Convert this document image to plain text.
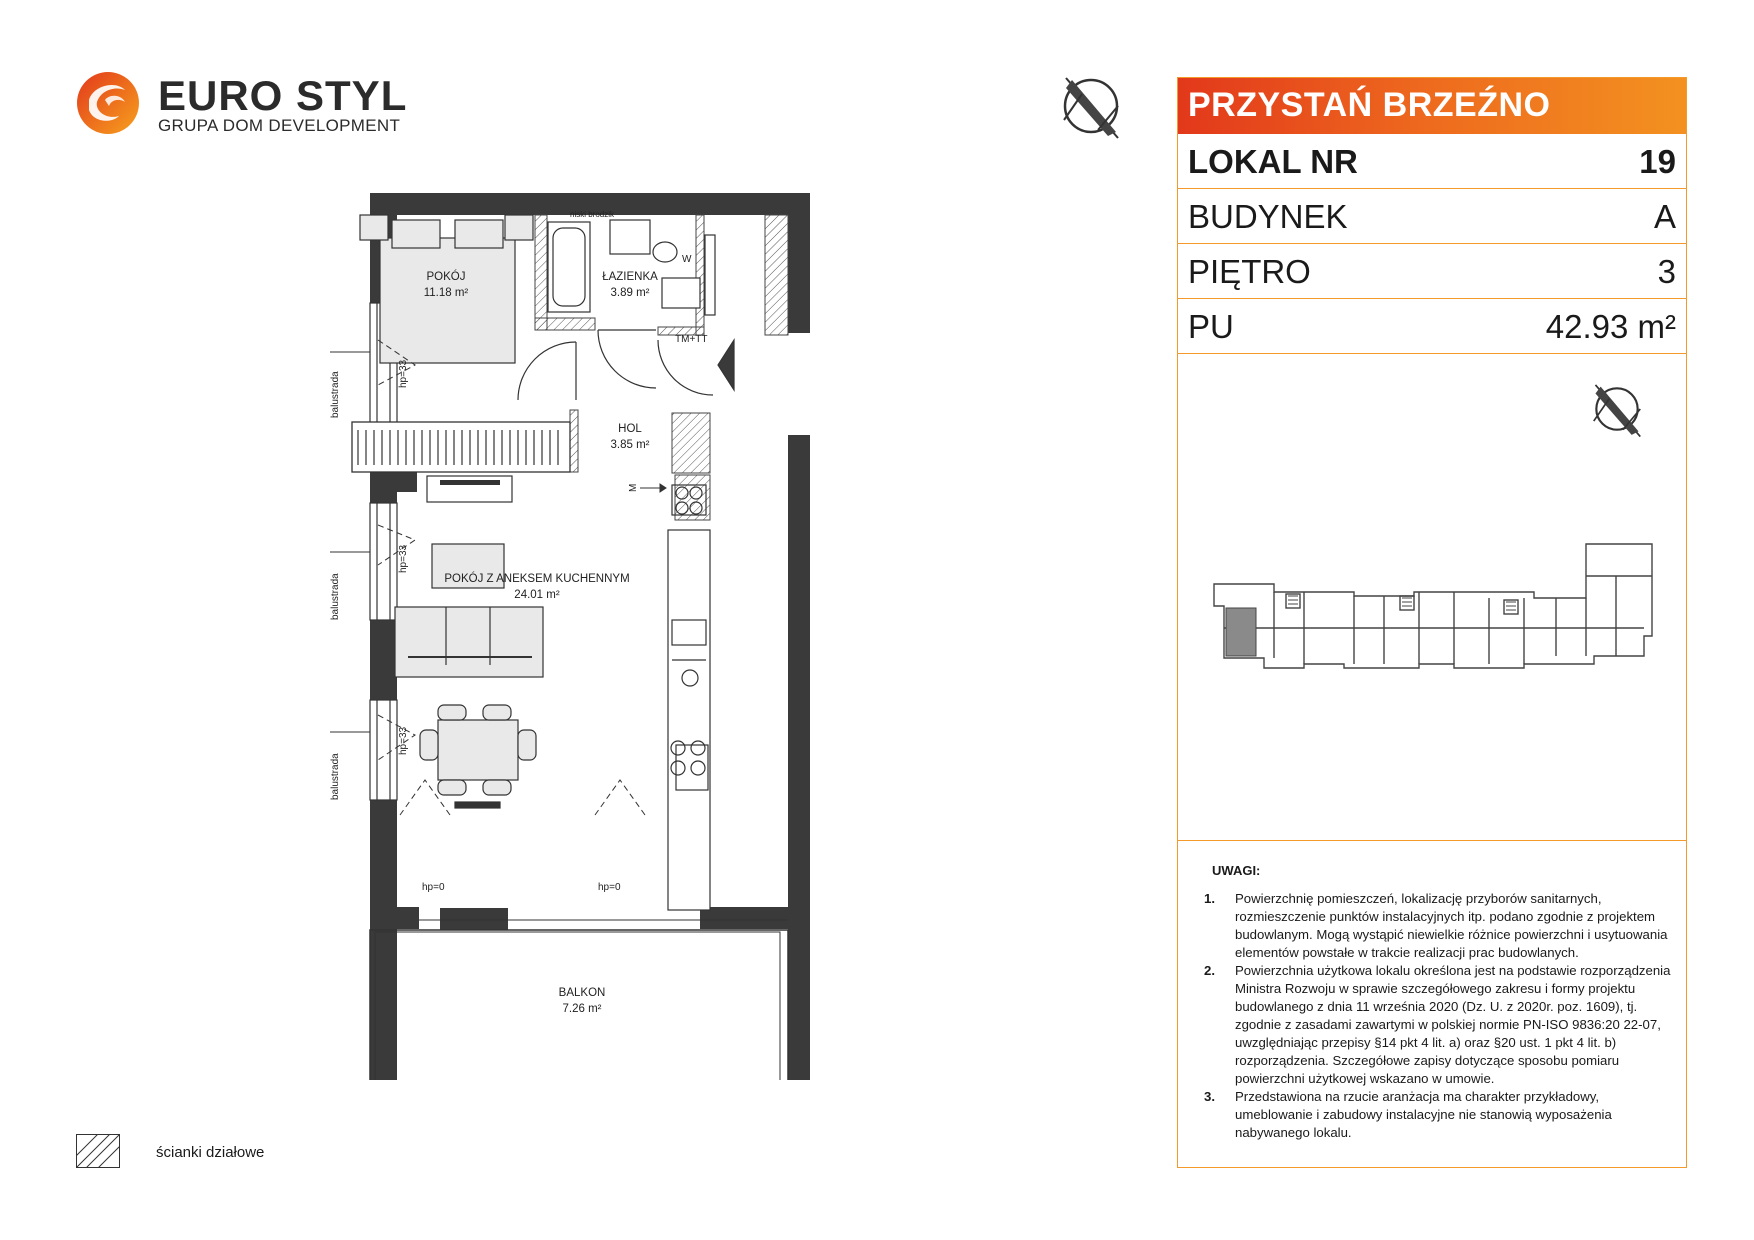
EURO STYL
GRUPA DOM DEVELOPMENT
PRZYSTAŃ BRZEŹNO
LOKAL NR	19
BUDYNEK	A
PIĘTRO	3
PU	42.93 m²
UWAGI:
1. Powierzchnię pomieszczeń, lokalizację przyborów sanitarnych, rozmieszczenie punktów instalacyjnych itp. podano zgodnie z projektem budowlanym. Mogą wystąpić niewielkie różnice powierzchni i usytuowania elementów powstałe w trakcie realizacji prac budowlanych.
2. Powierzchnia użytkowa lokalu określona jest na podstawie rozporządzenia Ministra Rozwoju w sprawie szczegółowego zakresu i formy projektu budowlanego z dnia 11 września 2020 (Dz. U. z 2020r. poz. 1609), tj. zgodnie z zasadami zawartymi w polskiej normie PN-ISO 9836:20 22-07, uwzględniając przepisy §14 pkt 4 lit. a) oraz §20 ust. 1 pkt 4 lit. b) rozporządzenia. Szczegółowe zapisy dotyczące sposobu pomiaru powierzchni użytkowej wskazano w umowie.
3. Przedstawiona na rzucie aranżacja ma charakter przykładowy, umeblowanie i zabudowy instalacyjne nie stanowią wyposażenia nabywanego lokalu.
POKÓJ
11.18 m²
ŁAZIENKA
3.89 m²
HOL
3.85 m²
POKÓJ Z ANEKSEM KUCHENNYM
24.01 m²
BALKON
7.26 m²
balustrada
balustrada
balustrada
hp=33
hp=33
hp=33
hp=0	hp=0
TM+TT
W
M
niski brodzik
ścianki działowe
